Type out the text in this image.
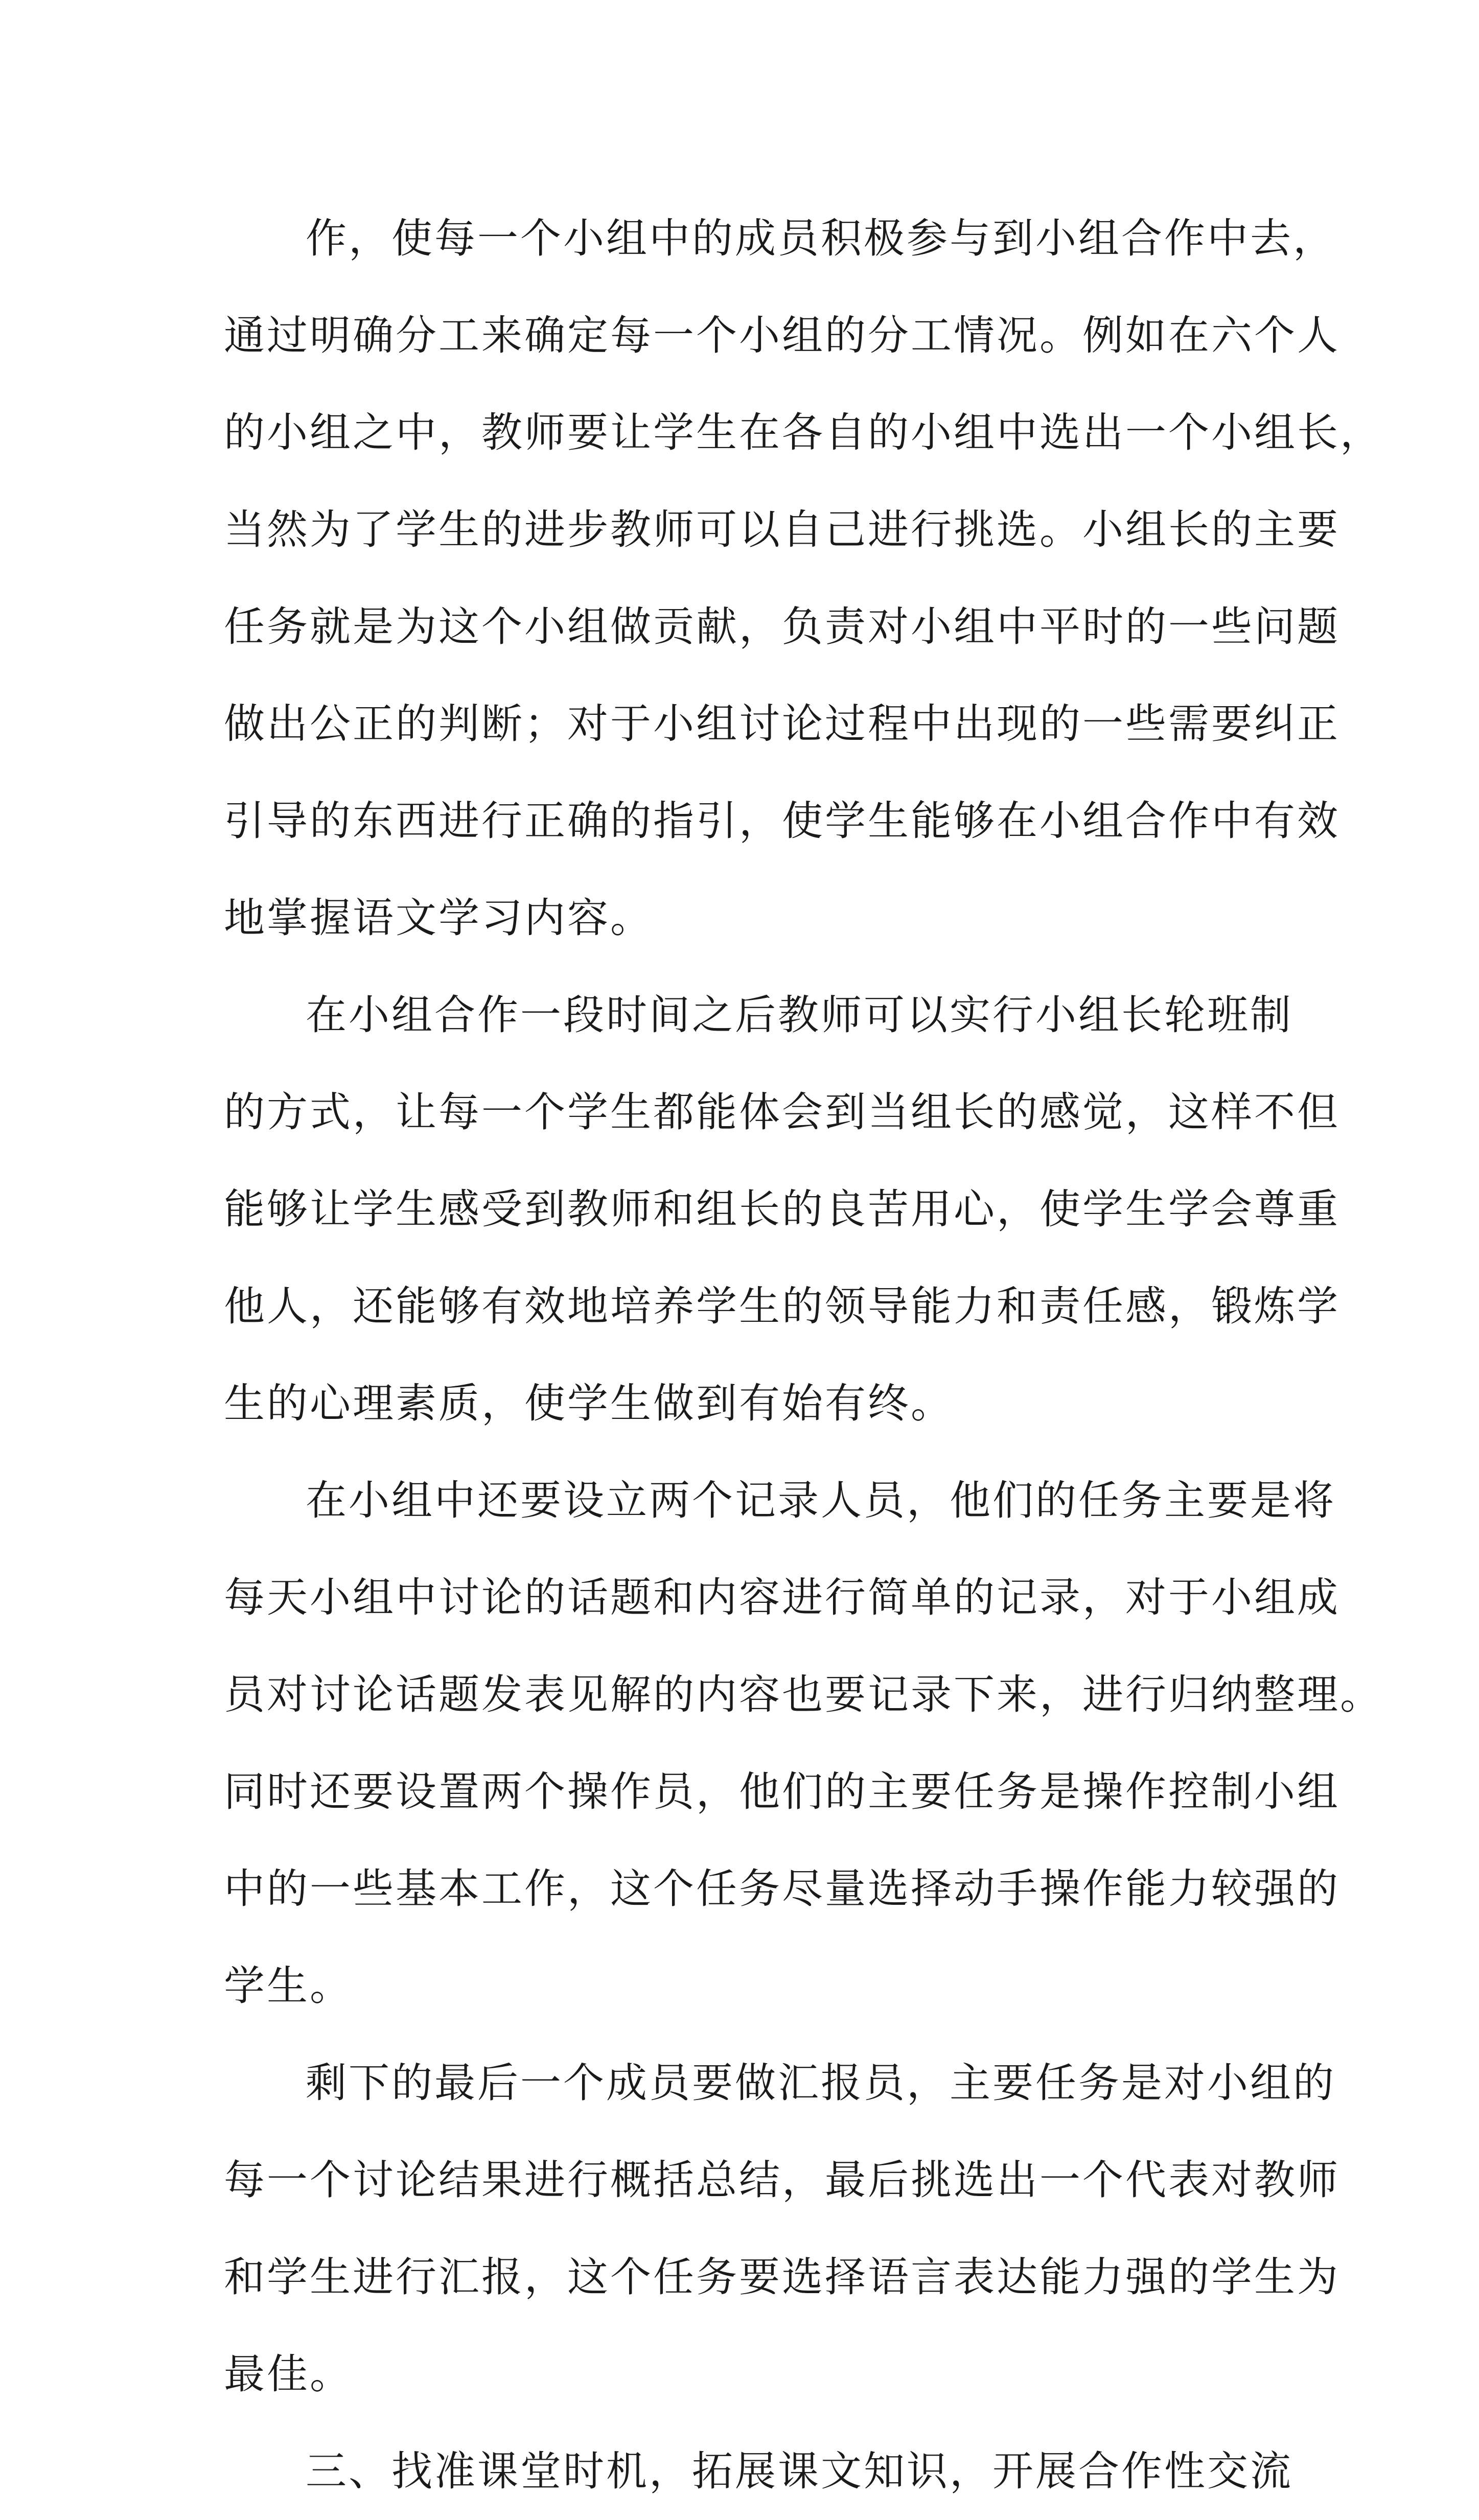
作，使每一个小组中的成员积极参与到小组合作中去，
通过明确分工来确定每一个小组的分工情况。例如在六个人
的小组之中，教师要让学生在各自的小组中选出一个小组长，
当然为了学生的进步教师可以自己进行挑选。小组长的主要
任务就是为这个小组做贡献，负责对小组中平时的一些问题
做出公正的判断；对于小组讨论过程中出现的一些需要纠正
引导的东西进行正确的指引，使学生能够在小组合作中有效
地掌握语文学习内容。
在小组合作一段时间之后教师可以实行小组长轮班制
的方式，让每一个学生都能体会到当组长的感觉，这样不但
能够让学生感受到教师和组长的良苦用心，使学生学会尊重
他人，还能够有效地培养学生的领导能力和责任感，锻炼学
生的心理素质，使学生做到有始有终。
在小组中还要设立两个记录人员，他们的任务主要是将
每天小组中讨论的话题和内容进行简单的记录，对于小组成
员对讨论话题发表见解的内容也要记录下来，进行归纳整理。
同时还要设置两个操作员，他们的主要任务是操作控制小组
中的一些基本工作，这个任务尽量选择动手操作能力较强的
学生。
剩下的最后一个成员要做汇报员，主要任务是对小组的
每一个讨论结果进行概括总结，最后挑选出一个代表对教师
和学生进行汇报，这个任务要选择语言表达能力强的学生为
最佳。
三、找准课堂时机，拓展课文知识，开展合作性交流
